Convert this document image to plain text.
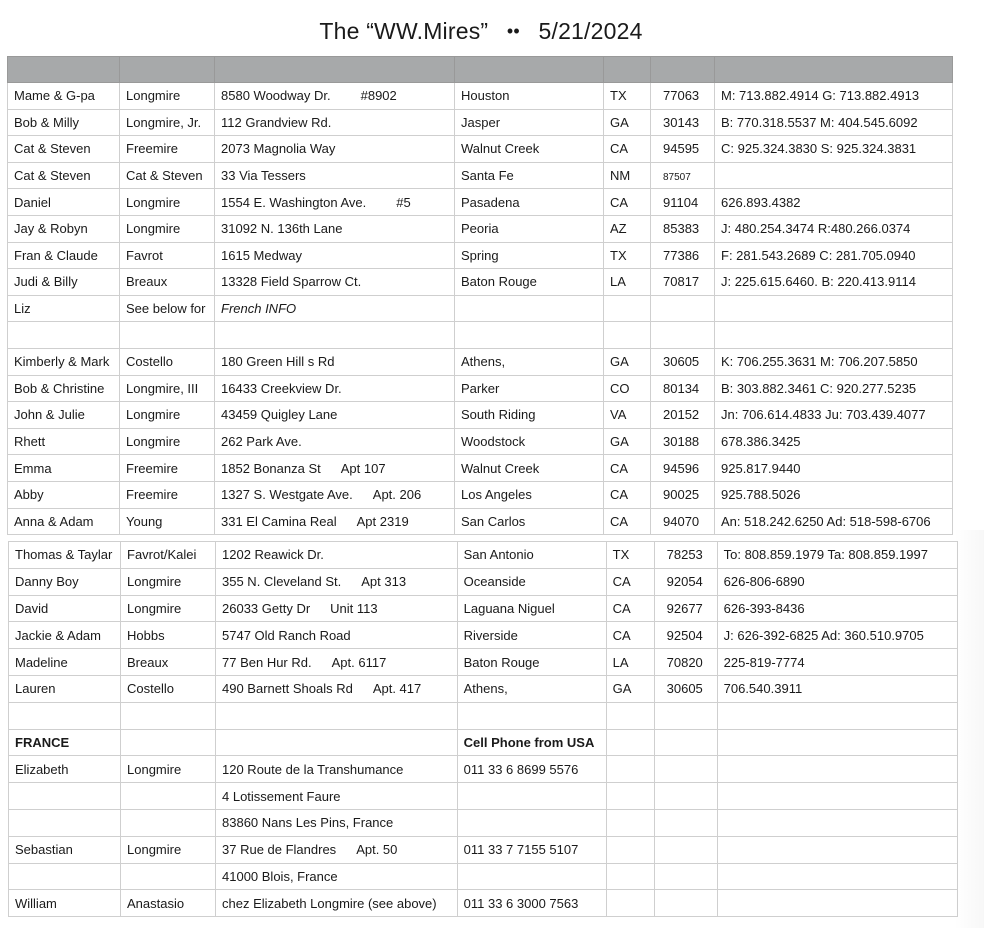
The “WW.Mires” •• 5/21/2024

Mame & G-pa	Longmire	8580 Woodway Dr. #8902	Houston	TX	77063	M: 713.882.4914 G: 713.882.4913
Bob & Milly	Longmire, Jr.	112 Grandview Rd.	Jasper	GA	30143	B: 770.318.5537 M: 404.545.6092
Cat & Steven	Freemire	2073 Magnolia Way	Walnut Creek	CA	94595	C: 925.324.3830 S: 925.324.3831
Cat & Steven	Cat & Steven	33 Via Tessers	Santa Fe	NM	87507	
Daniel	Longmire	1554 E. Washington Ave. #5	Pasadena	CA	91104	626.893.4382
Jay & Robyn	Longmire	31092 N. 136th Lane	Peoria	AZ	85383	J: 480.254.3474 R:480.266.0374
Fran & Claude	Favrot	1615 Medway	Spring	TX	77386	F: 281.543.2689 C: 281.705.0940
Judi & Billy	Breaux	13328 Field Sparrow Ct.	Baton Rouge	LA	70817	J: 225.615.6460. B: 220.413.9114
Liz	See below for	French INFO				

Kimberly & Mark	Costello	180 Green Hill s Rd	Athens,	GA	30605	K: 706.255.3631 M: 706.207.5850
Bob & Christine	Longmire, III	16433 Creekview Dr.	Parker	CO	80134	B: 303.882.3461 C: 920.277.5235
John & Julie	Longmire	43459 Quigley Lane	South Riding	VA	20152	Jn: 706.614.4833 Ju: 703.439.4077
Rhett	Longmire	262 Park Ave.	Woodstock	GA	30188	678.386.3425
Emma	Freemire	1852 Bonanza St Apt 107	Walnut Creek	CA	94596	925.817.9440
Abby	Freemire	1327 S. Westgate Ave. Apt. 206	Los Angeles	CA	90025	925.788.5026
Anna & Adam	Young	331 El Camina Real Apt 2319	San Carlos	CA	94070	An: 518.242.6250 Ad: 518-598-6706
Thomas & Taylar	Favrot/Kalei	1202 Reawick Dr.	San Antonio	TX	78253	To: 808.859.1979 Ta: 808.859.1997
Danny Boy	Longmire	355 N. Cleveland St. Apt 313	Oceanside	CA	92054	626-806-6890
David	Longmire	26033 Getty Dr Unit 113	Laguana Niguel	CA	92677	626-393-8436
Jackie & Adam	Hobbs	5747 Old Ranch Road	Riverside	CA	92504	J: 626-392-6825 Ad: 360.510.9705
Madeline	Breaux	77 Ben Hur Rd. Apt. 6117	Baton Rouge	LA	70820	225-819-7774
Lauren	Costello	490 Barnett Shoals Rd Apt. 417	Athens,	GA	30605	706.540.3911

FRANCE			Cell Phone from USA			
Elizabeth	Longmire	120 Route de la Transhumance	011 33 6 8699 5576			
		4 Lotissement Faure				
		83860 Nans Les Pins, France				
Sebastian	Longmire	37 Rue de Flandres Apt. 50	011 33 7 7155 5107			
		41000 Blois, France				
William	Anastasio	chez Elizabeth Longmire (see above)	011 33 6 3000 7563			
